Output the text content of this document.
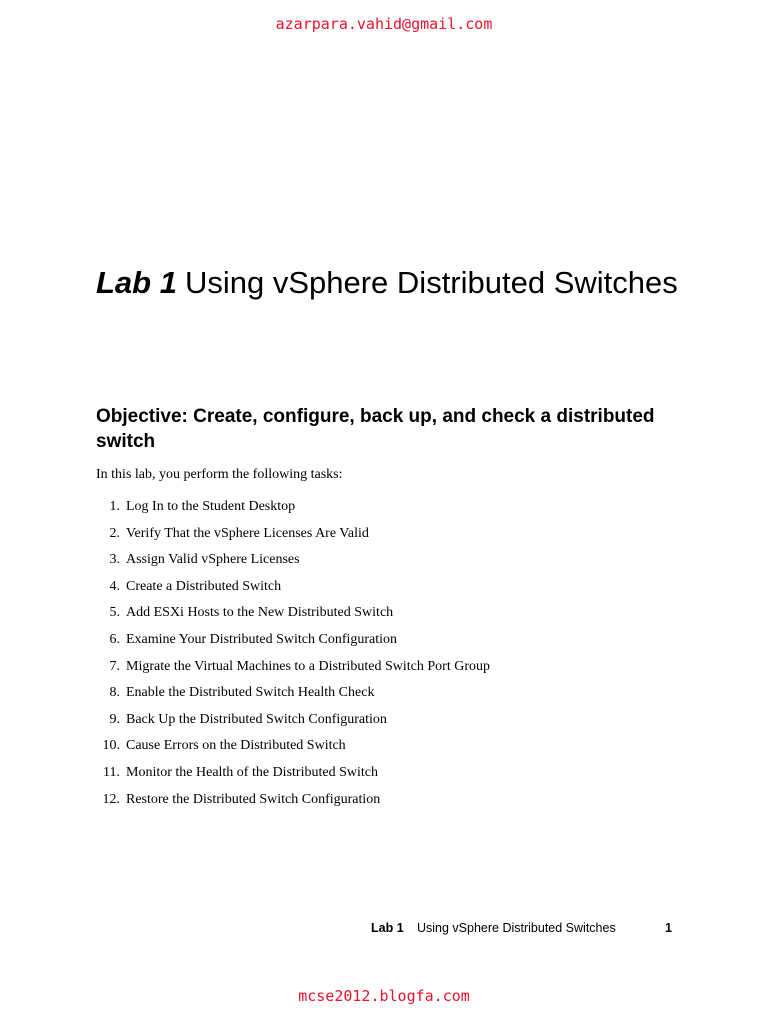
azarpara.vahid@gmail.com
Lab 1 Using vSphere Distributed Switches
Objective: Create, configure, back up, and check a distributed switch

In this lab, you perform the following tasks:

1. Log In to the Student Desktop
2. Verify That the vSphere Licenses Are Valid
3. Assign Valid vSphere Licenses
4. Create a Distributed Switch
5. Add ESXi Hosts to the New Distributed Switch
6. Examine Your Distributed Switch Configuration
7. Migrate the Virtual Machines to a Distributed Switch Port Group
8. Enable the Distributed Switch Health Check
9. Back Up the Distributed Switch Configuration
10. Cause Errors on the Distributed Switch
11. Monitor the Health of the Distributed Switch
12. Restore the Distributed Switch Configuration
Lab 1 Using vSphere Distributed Switches	1
mcse2012.blogfa.com
